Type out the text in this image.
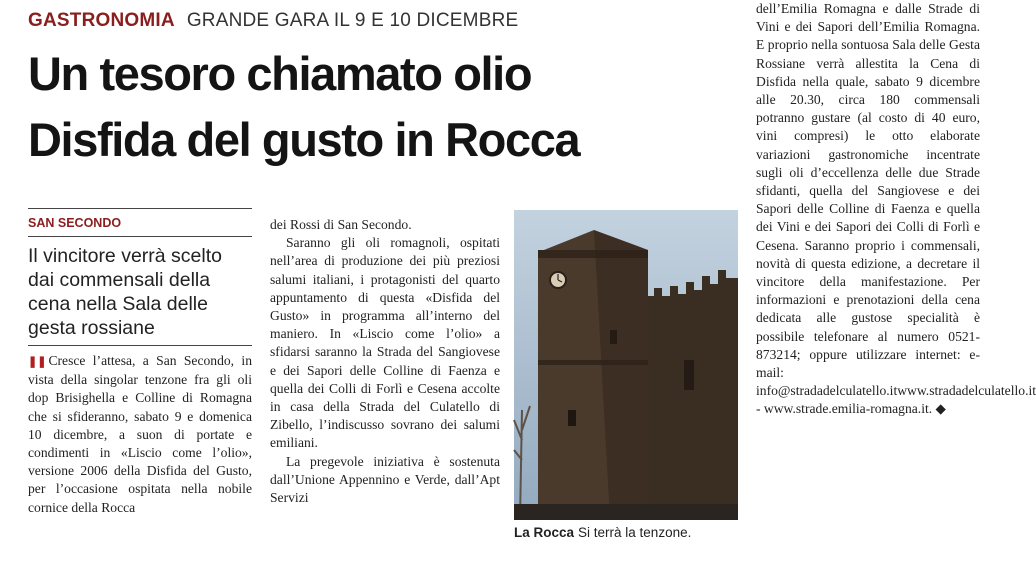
GASTRONOMIA GRANDE GARA IL 9 E 10 DICEMBRE
Un tesoro chiamato olio
Disfida del gusto in Rocca
SAN SECONDO

Il vincitore verrà scelto dai commensali della cena nella Sala delle gesta rossiane

❚❚ Cresce l’attesa, a San Secondo, in vista della singolar tenzone fra gli oli dop Brisighella e Colline di Romagna che si sfideranno, sabato 9 e domenica 10 dicembre, a suon di portate e condimenti in «Liscio come l’olio», versione 2006 della Disfida del Gusto, per l’occasione ospitata nella nobile cornice della Rocca

dei Rossi di San Secondo.

Saranno gli oli romagnoli, ospitati nell’area di produzione dei più preziosi salumi italiani, i protagonisti del quarto appuntamento di questa «Disfida del Gusto» in programma all’interno del maniero. In «Liscio come l’olio» a sfidarsi saranno la Strada del Sangiovese e dei Sapori delle Colline di Faenza e quella dei Colli di Forlì e Cesena accolte in casa della Strada del Culatello di Zibello, l’indiscusso sovrano dei salumi emiliani.

La pregevole iniziativa è sostenuta dall’Unione Appennino e Verde, dall’Apt Servizi

La Rocca Si terrà la tenzone.

dell’Emilia Romagna e dalle Strade di Vini e dei Sapori dell’Emilia Romagna. E proprio nella sontuosa Sala delle Gesta Rossiane verrà allestita la Cena di Disfida nella quale, sabato 9 dicembre alle 20.30, circa 180 commensali potranno gustare (al costo di 40 euro, vini compresi) le otto elaborate variazioni gastronomiche incentrate sugli oli d’eccellenza delle due Strade sfidanti, quella del Sangiovese e dei Sapori delle Colline di Faenza e quella dei Vini e dei Sapori dei Colli di Forlì e Cesena. Saranno proprio i commensali, novità di questa edizione, a decretare il vincitore della manifestazione. Per informazioni e prenotazioni della cena dedicata alle gustose specialità è possibile telefonare al numero 0521-873214; oppure utilizzare internet: e-mail: info@stradadelculatello.itwww.stradadelculatello.it - www.strade.emilia-romagna.it. ◆
